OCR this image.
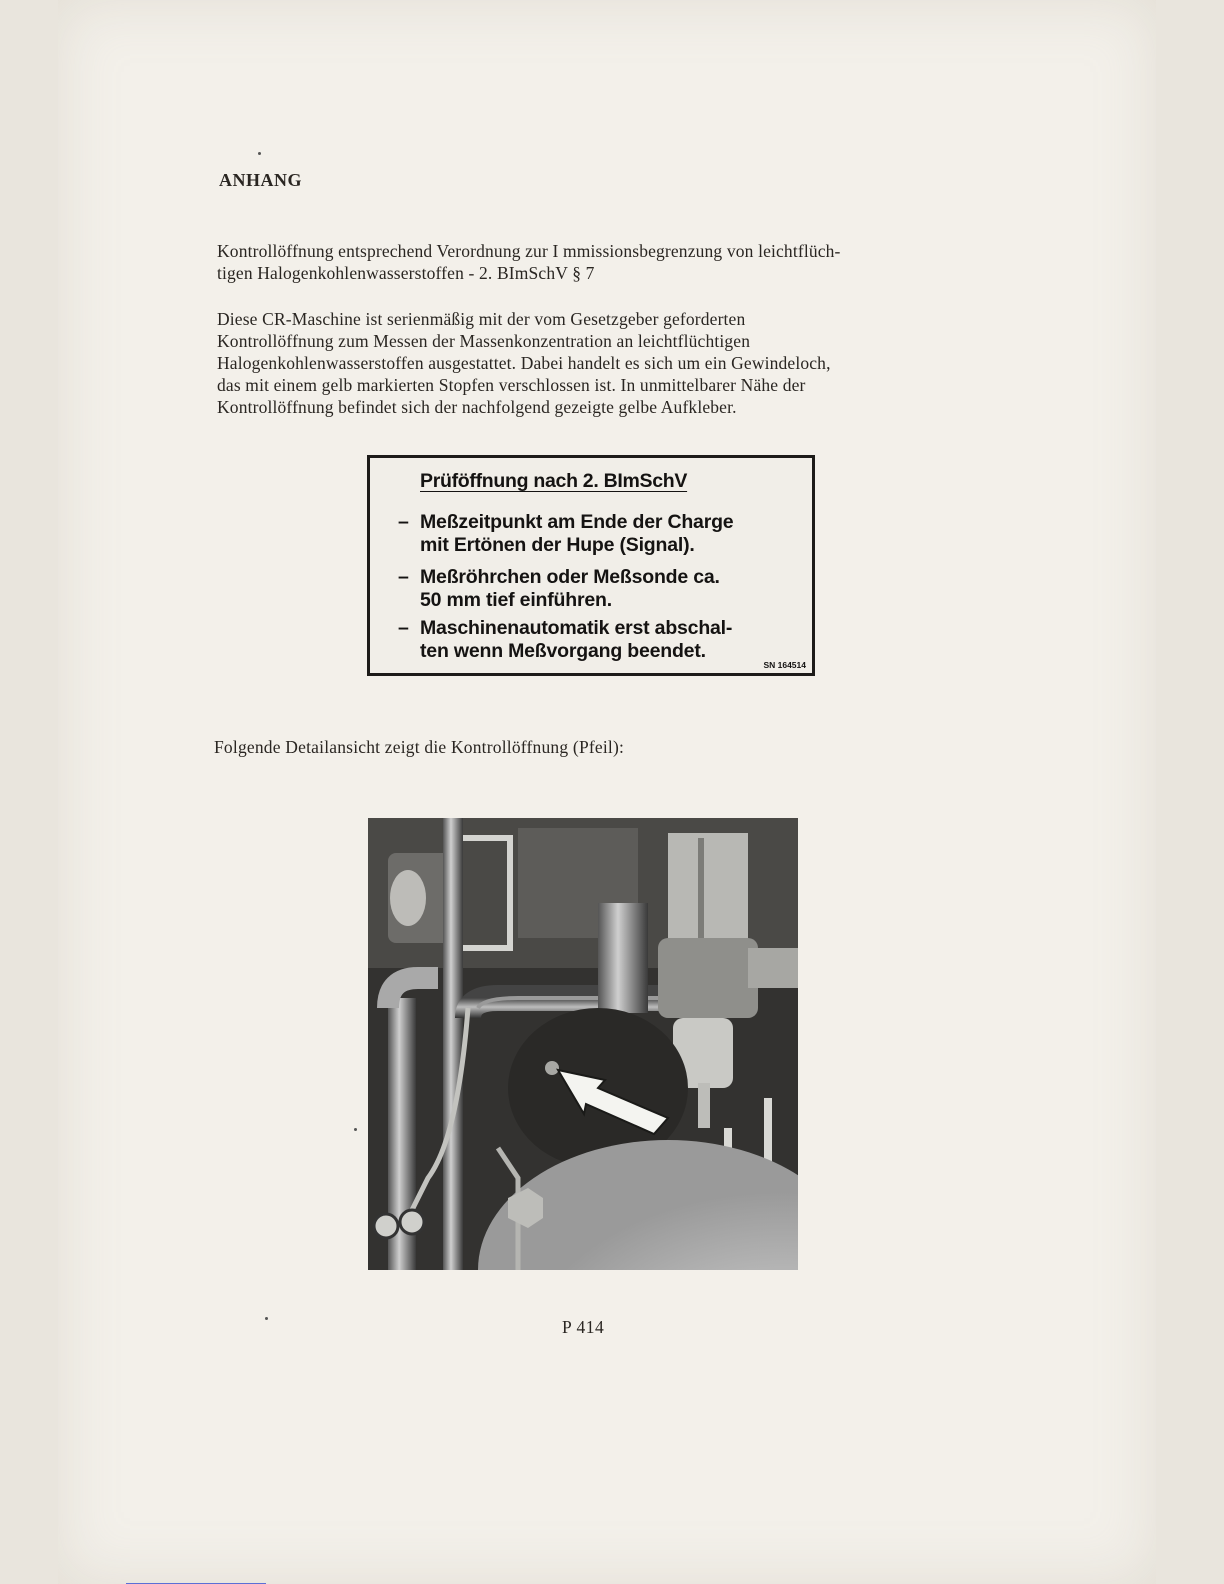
ANHANG
Kontrollöffnung entsprechend Verordnung zur I mmissionsbegrenzung von leichtflüch-
tigen Halogenkohlenwasserstoffen - 2. BImSchV § 7
Diese CR-Maschine ist serienmäßig mit der vom Gesetzgeber geforderten
Kontrollöffnung zum Messen der Massenkonzentration an leichtflüchtigen
Halogenkohlenwasserstoffen ausgestattet. Dabei handelt es sich um ein Gewindeloch,
das mit einem gelb markierten Stopfen verschlossen ist. In unmittelbarer Nähe der
Kontrollöffnung befindet sich der nachfolgend gezeigte gelbe Aufkleber.
Prüföffnung nach 2. BImSchV
– Meßzeitpunkt am Ende der Charge
mit Ertönen der Hupe (Signal).
– Meßröhrchen oder Meßsonde ca.
50 mm tief einführen.
– Maschinenautomatik erst abschal-
ten wenn Meßvorgang beendet.
SN 164514
Folgende Detailansicht zeigt die Kontrollöffnung (Pfeil):
P 414
